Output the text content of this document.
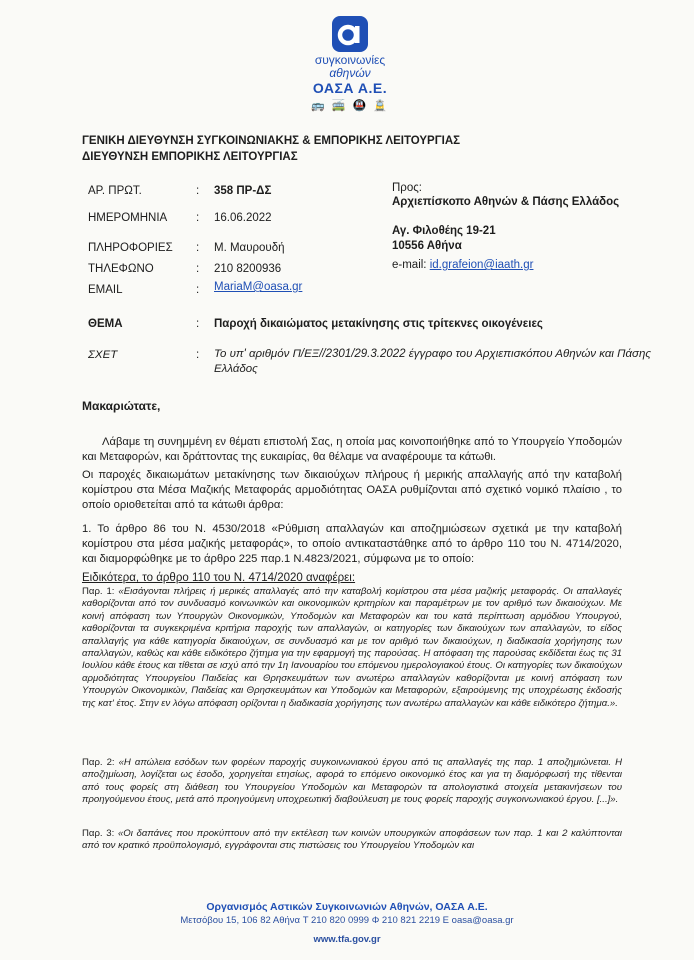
συγκοινωνίες
αθηνών
ΟΑΣΑ Α.Ε.
🚌 🚎 🚇 🚊
ΓΕΝΙΚΗ ΔΙΕΥΘΥΝΣΗ ΣΥΓΚΟΙΝΩΝΙΑΚΗΣ & ΕΜΠΟΡΙΚΗΣ ΛΕΙΤΟΥΡΓΙΑΣ
ΔΙΕΥΘΥΝΣΗ ΕΜΠΟΡΙΚΗΣ ΛΕΙΤΟΥΡΓΙΑΣ
ΑΡ. ΠΡΩΤ.	: 358 ΠΡ-ΔΣ
ΗΜΕΡΟΜΗΝΙΑ	: 16.06.2022
ΠΛΗΡΟΦΟΡΙΕΣ : Μ. Μαυρουδή
ΤΗΛΕΦΩΝΟ	: 210 8200936
EMAIL	: MariaM@oasa.gr
Προς:
Αρχιεπίσκοπο Αθηνών & Πάσης Ελλάδος
Αγ. Φιλοθέης 19-21
10556 Αθήνα
e-mail: id.grafeion@iaath.gr
ΘΕΜΑ	: Παροχή δικαιώματος μετακίνησης στις τρίτεκνες οικογένειες
ΣΧΕΤ	: Το υπ' αριθμόν Π/ΕΞ//2301/29.3.2022 έγγραφο του Αρχιεπισκόπου Αθηνών και Πάσης Ελλάδος
Μακαριώτατε,
Λάβαμε τη συνημμένη εν θέματι επιστολή Σας, η οποία μας κοινοποιήθηκε από το Υπουργείο Υποδομών και Μεταφορών, και δράττοντας της ευκαιρίας, θα θέλαμε να αναφέρουμε τα κάτωθι.
Οι παροχές δικαιωμάτων μετακίνησης των δικαιούχων πλήρους ή μερικής απαλλαγής από την καταβολή κομίστρου στα Μέσα Μαζικής Μεταφοράς αρμοδιότητας ΟΑΣΑ ρυθμίζονται από σχετικό νομικό πλαίσιο , το οποίο οριοθετείται από τα κάτωθι άρθρα:
1. Το άρθρο 86 του Ν. 4530/2018 «Ρύθμιση απαλλαγών και αποζημιώσεων σχετικά με την καταβολή κομίστρου στα μέσα μαζικής μεταφοράς», το οποίο αντικαταστάθηκε από το άρθρο 110 του Ν. 4714/2020, και διαμορφώθηκε με το άρθρο 225 παρ.1 Ν.4823/2021, σύμφωνα με το οποίο:
Ειδικότερα, το άρθρο 110 του Ν. 4714/2020 αναφέρει:
Παρ. 1: «Εισάγονται πλήρεις ή μερικές απαλλαγές από την καταβολή κομίστρου στα μέσα μαζικής μεταφοράς. Οι απαλλαγές καθορίζονται από τον συνδυασμό κοινωνικών και οικονομικών κριτηρίων και παραμέτρων με τον αριθμό των δικαιούχων. Με κοινή απόφαση των Υπουργών Οικονομικών, Υποδομών και Μεταφορών και του κατά περίπτωση αρμόδιου Υπουργού, καθορίζονται τα συγκεκριμένα κριτήρια παροχής των απαλλαγών, οι κατηγορίες των δικαιούχων των απαλλαγών, το είδος απαλλαγής για κάθε κατηγορία δικαιούχων, σε συνδυασμό και με τον αριθμό των δικαιούχων, η διαδικασία χορήγησης των απαλλαγών, καθώς και κάθε ειδικότερο ζήτημα για την εφαρμογή της παρούσας. Η απόφαση της παρούσας εκδίδεται έως τις 31 Ιουλίου κάθε έτους και τίθεται σε ισχύ από την 1η Ιανουαρίου του επόμενου ημερολογιακού έτους. Οι κατηγορίες των δικαιούχων αρμοδιότητας Υπουργείου Παιδείας και Θρησκευμάτων των ανωτέρω απαλλαγών καθορίζονται με κοινή απόφαση των Υπουργών Οικονομικών, Παιδείας και Θρησκευμάτων και Υποδομών και Μεταφορών, εξαιρούμενης της υποχρέωσης έκδοσής της κατ' έτος. Στην εν λόγω απόφαση ορίζονται η διαδικασία χορήγησης των ανωτέρω απαλλαγών και κάθε ειδικότερο ζήτημα.».
Παρ. 2: «Η απώλεια εσόδων των φορέων παροχής συγκοινωνιακού έργου από τις απαλλαγές της παρ. 1 αποζημιώνεται. Η αποζημίωση, λογίζεται ως έσοδο, χορηγείται ετησίως, αφορά το επόμενο οικονομικό έτος και για τη διαμόρφωσή της τίθενται από τους φορείς στη διάθεση του Υπουργείου Υποδομών και Μεταφορών τα απολογιστικά στοιχεία μετακινήσεων του προηγούμενου έτους, μετά από προηγούμενη υποχρεωτική διαβούλευση με τους φορείς παροχής συγκοινωνιακού έργου. [...]».
Παρ. 3: «Οι δαπάνες που προκύπτουν από την εκτέλεση των κοινών υπουργικών αποφάσεων των παρ. 1 και 2 καλύπτονται από τον κρατικό προϋπολογισμό, εγγράφονται στις πιστώσεις του Υπουργείου Υποδομών και
Οργανισμός Αστικών Συγκοινωνιών Αθηνών, ΟΑΣΑ Α.Ε.
Μετσόβου 15, 106 82 Αθήνα T 210 820 0999 Φ 210 821 2219 E oasa@oasa.gr
www.tfa.gov.gr
